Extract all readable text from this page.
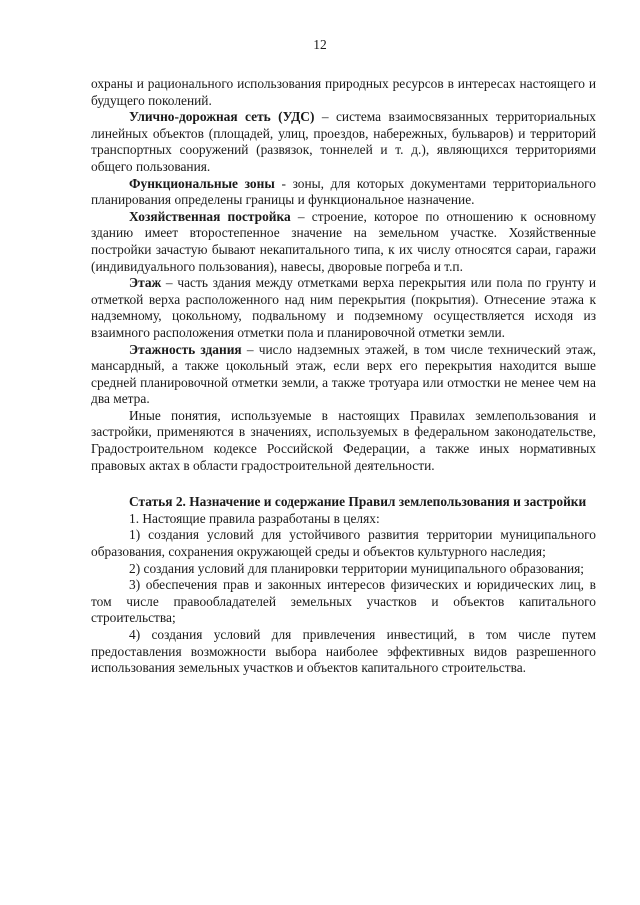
12

охраны и рационального использования природных ресурсов в интересах настоящего и будущего поколений.

Улично-дорожная сеть (УДС) – система взаимосвязанных территориальных линейных объектов (площадей, улиц, проездов, набережных, бульваров) и территорий транспортных сооружений (развязок, тоннелей и т. д.), являющихся территориями общего пользования.

Функциональные зоны - зоны, для которых документами территориального планирования определены границы и функциональное назначение.

Хозяйственная постройка – строение, которое по отношению к основному зданию имеет второстепенное значение на земельном участке. Хозяйственные постройки зачастую бывают некапитального типа, к их числу относятся сараи, гаражи (индивидуального пользования), навесы, дворовые погреба и т.п.

Этаж – часть здания между отметками верха перекрытия или пола по грунту и отметкой верха расположенного над ним перекрытия (покрытия). Отнесение этажа к надземному, цокольному, подвальному и подземному осуществляется исходя из взаимного расположения отметки пола и планировочной отметки земли.

Этажность здания – число надземных этажей, в том числе технический этаж, мансардный, а также цокольный этаж, если верх его перекрытия находится выше средней планировочной отметки земли, а также тротуара или отмостки не менее чем на два метра.

Иные понятия, используемые в настоящих Правилах землепользования и застройки, применяются в значениях, используемых в федеральном законодательстве, Градостроительном кодексе Российской Федерации, а также иных нормативных правовых актах в области градостроительной деятельности.

Статья 2. Назначение и содержание Правил землепользования и застройки

1. Настоящие правила разработаны в целях:

1) создания условий для устойчивого развития территории муниципального образования, сохранения окружающей среды и объектов культурного наследия;

2) создания условий для планировки территории муниципального образования;

3) обеспечения прав и законных интересов физических и юридических лиц, в том числе правообладателей земельных участков и объектов капитального строительства;

4) создания условий для привлечения инвестиций, в том числе путем предоставления возможности выбора наиболее эффективных видов разрешенного использования земельных участков и объектов капитального строительства.
